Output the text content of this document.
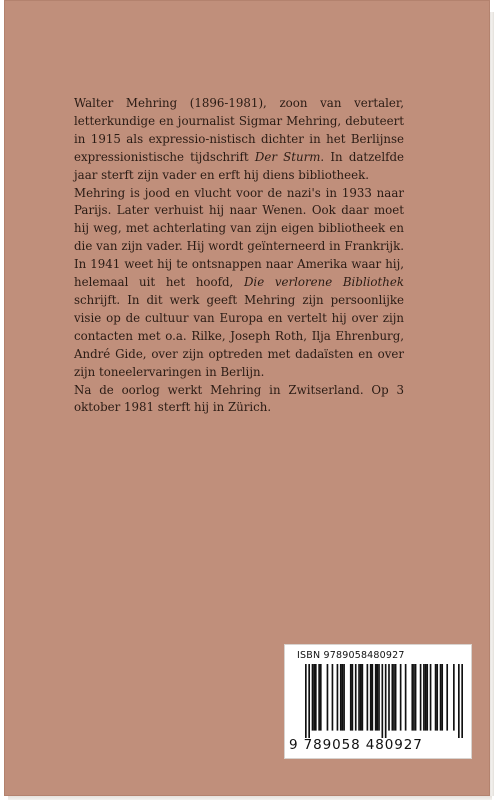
Walter Mehring (1896-1981), zoon van vertaler, letterkundige en journalist Sigmar Mehring, debuteert in 1915 als expressio-nistisch dichter in het Berlijnse expressionistische tijdschrift Der Sturm. In datzelfde jaar sterft zijn vader en erft hij diens bibliotheek.

Mehring is jood en vlucht voor de nazi's in 1933 naar Parijs. Later verhuist hij naar Wenen. Ook daar moet hij weg, met achterlating van zijn eigen bibliotheek en die van zijn vader. Hij wordt geïnterneerd in Frankrijk. In 1941 weet hij te ontsnappen naar Amerika waar hij, helemaal uit het hoofd, Die verlorene Bibliothek schrijft. In dit werk geeft Mehring zijn persoonlijke visie op de cultuur van Europa en vertelt hij over zijn contacten met o.a. Rilke, Joseph Roth, Ilja Ehrenburg, André Gide, over zijn optreden met dadaïsten en over zijn toneelervaringen in Berlijn.

Na de oorlog werkt Mehring in Zwitserland. Op 3 oktober 1981 sterft hij in Zürich.

ISBN 9789058480927
9 789058 480927
